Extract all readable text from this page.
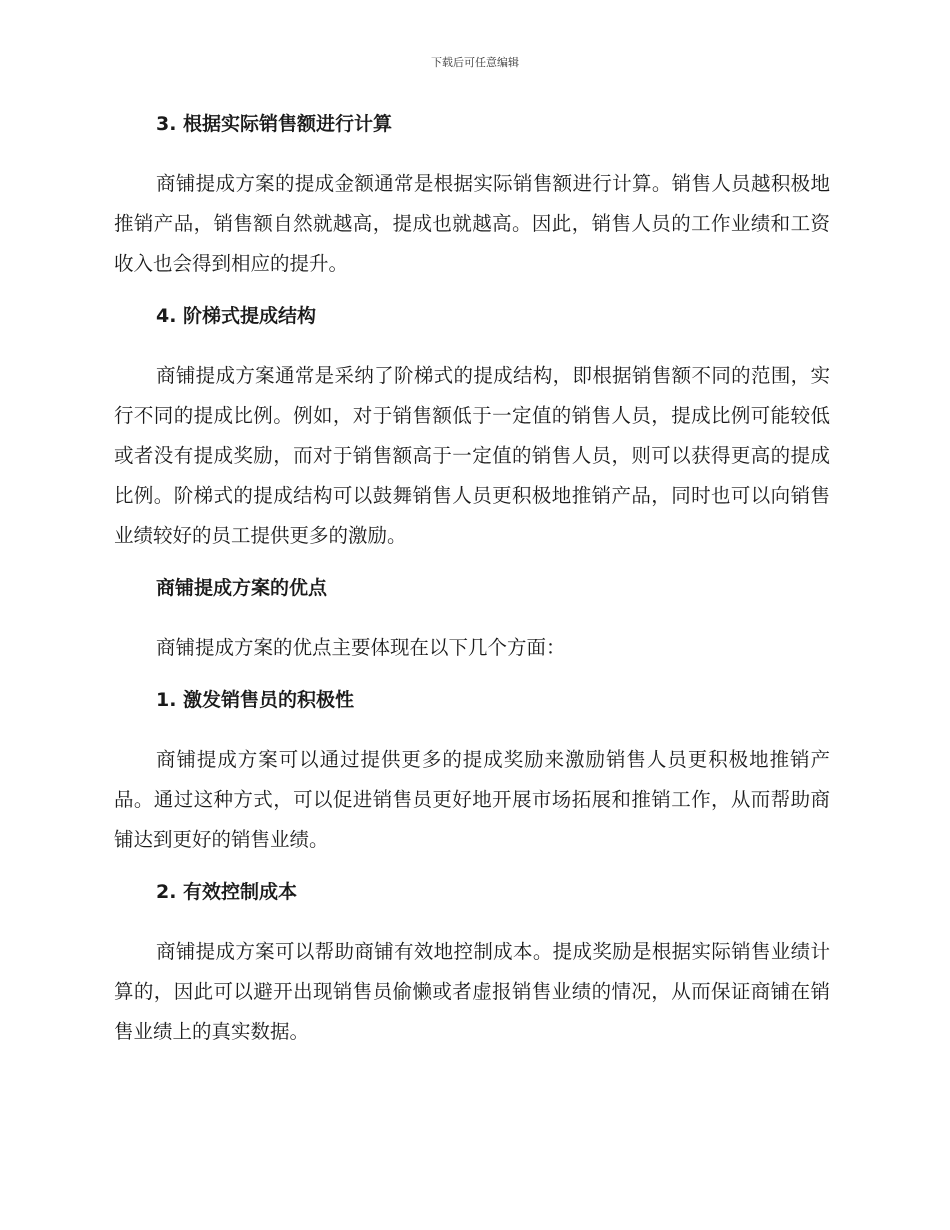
下载后可任意编辑
3. 根据实际销售额进行计算

商铺提成方案的提成金额通常是根据实际销售额进行计算。销售人员越积极地推销产品，销售额自然就越高，提成也就越高。因此，销售人员的工作业绩和工资收入也会得到相应的提升。

4. 阶梯式提成结构

商铺提成方案通常是采纳了阶梯式的提成结构，即根据销售额不同的范围，实行不同的提成比例。例如，对于销售额低于一定值的销售人员，提成比例可能较低或者没有提成奖励，而对于销售额高于一定值的销售人员，则可以获得更高的提成比例。阶梯式的提成结构可以鼓舞销售人员更积极地推销产品，同时也可以向销售业绩较好的员工提供更多的激励。

商铺提成方案的优点

商铺提成方案的优点主要体现在以下几个方面：

1. 激发销售员的积极性

商铺提成方案可以通过提供更多的提成奖励来激励销售人员更积极地推销产品。通过这种方式，可以促进销售员更好地开展市场拓展和推销工作，从而帮助商铺达到更好的销售业绩。

2. 有效控制成本

商铺提成方案可以帮助商铺有效地控制成本。提成奖励是根据实际销售业绩计算的，因此可以避开出现销售员偷懒或者虚报销售业绩的情况，从而保证商铺在销售业绩上的真实数据。
